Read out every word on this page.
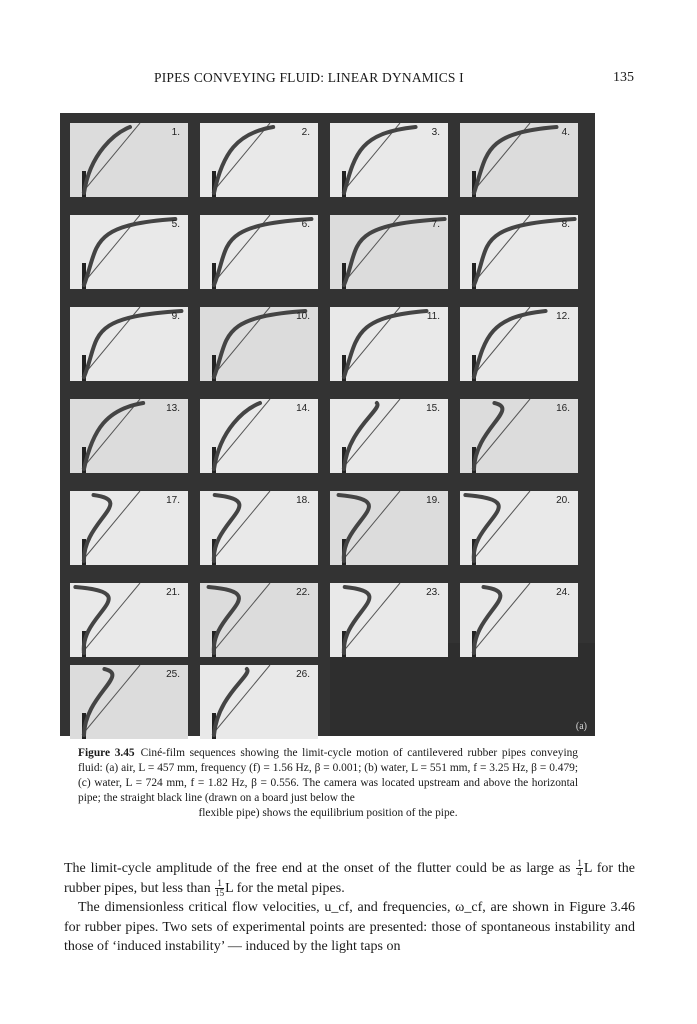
PIPES CONVEYING FLUID: LINEAR DYNAMICS I	135
(a)
1.	2.	3.	4.
5.	6.	7.	8.
9.	10.	11.	12.
13.	14.	15.	16.
17.	18.	19.	20.
21.	22.	23.	24.
25.	26.
Figure 3.45 Ciné-film sequences showing the limit-cycle motion of cantilevered rubber pipes conveying fluid: (a) air, L = 457 mm, frequency (f) = 1.56 Hz, β = 0.001; (b) water, L = 551 mm, f = 3.25 Hz, β = 0.479; (c) water, L = 724 mm, f = 1.82 Hz, β = 0.556. The camera was located upstream and above the horizontal pipe; the straight black line (drawn on a board just below the
flexible pipe) shows the equilibrium position of the pipe.

The limit-cycle amplitude of the free end at the onset of the flutter could be as large as $\frac{1}{4}$ L for the rubber pipes, but less than $\frac{1}{15}$ L for the metal pipes.

The dimensionless critical flow velocities, u_cf, and frequencies, ω_cf, are shown in Figure 3.46 for rubber pipes. Two sets of experimental points are presented: those of spontaneous instability and those of ‘induced instability’ — induced by the light taps on
